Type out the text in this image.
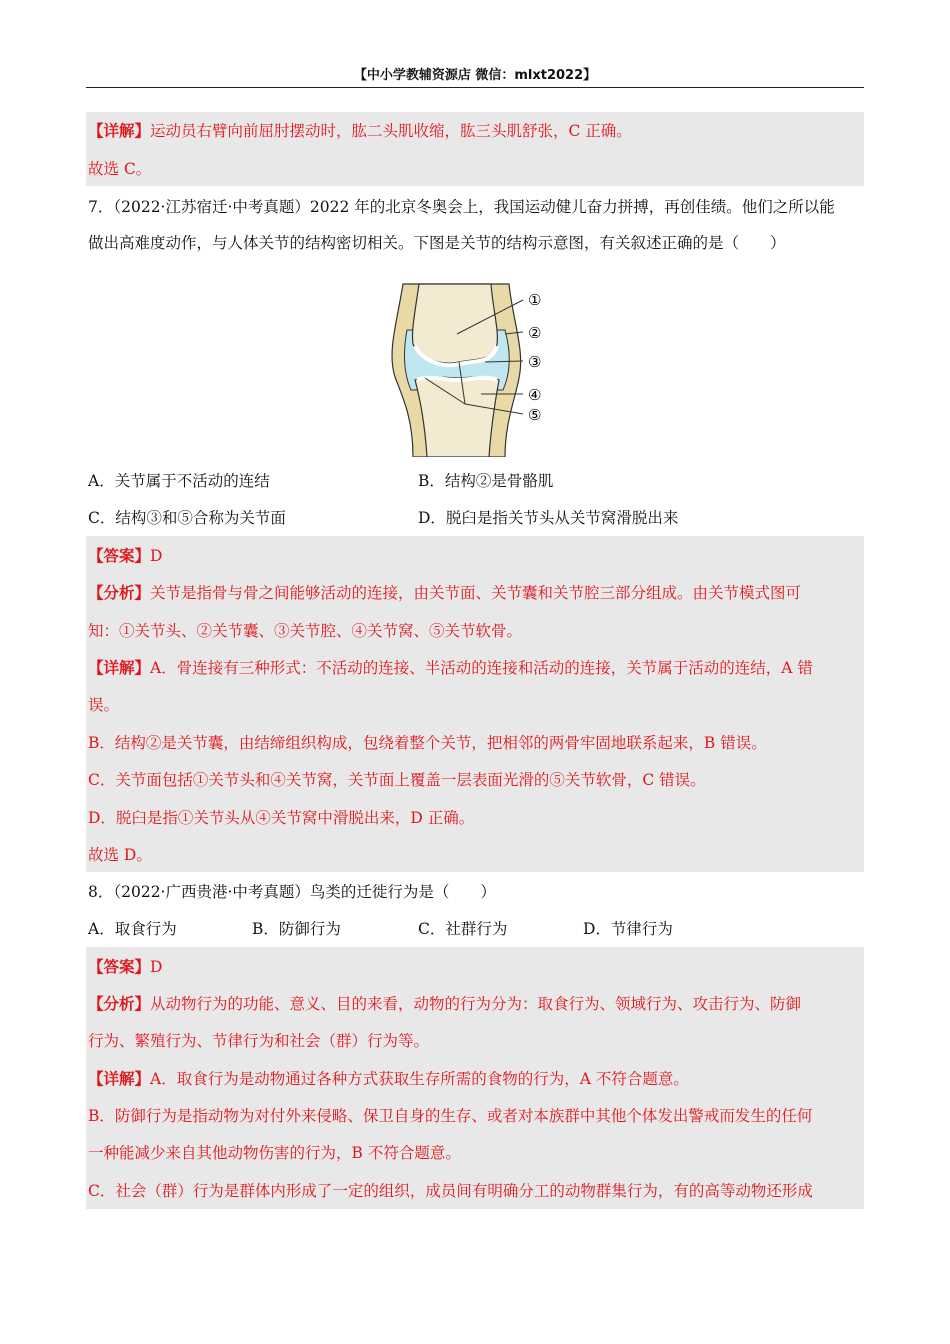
【中小学教辅资源店 微信：mlxt2022】
【详解】运动员右臂向前屈肘摆动时，肱二头肌收缩，肱三头肌舒张，C 正确。
故选 C。
7．（2022·江苏宿迁·中考真题）2022 年的北京冬奥会上，我国运动健儿奋力拼搏，再创佳绩。他们之所以能
做出高难度动作，与人体关节的结构密切相关。下图是关节的结构示意图，有关叙述正确的是（　　）
①
②
③
④
⑤
A．关节属于不活动的连结	B．结构②是骨骼肌
C．结构③和⑤合称为关节面	D．脱臼是指关节头从关节窝滑脱出来
【答案】D
【分析】关节是指骨与骨之间能够活动的连接，由关节面、关节囊和关节腔三部分组成。由关节模式图可
知：①关节头、②关节囊、③关节腔、④关节窝、⑤关节软骨。
【详解】A．骨连接有三种形式：不活动的连接、半活动的连接和活动的连接，关节属于活动的连结，A 错
误。
B．结构②是关节囊，由结缔组织构成，包绕着整个关节，把相邻的两骨牢固地联系起来，B 错误。
C．关节面包括①关节头和④关节窝，关节面上覆盖一层表面光滑的⑤关节软骨，C 错误。
D．脱臼是指①关节头从④关节窝中滑脱出来，D 正确。
故选 D。
8．（2022·广西贵港·中考真题）鸟类的迁徙行为是（　　）
A．取食行为	B．防御行为	C．社群行为	D．节律行为
【答案】D
【分析】从动物行为的功能、意义、目的来看，动物的行为分为：取食行为、领域行为、攻击行为、防御
行为、繁殖行为、节律行为和社会（群）行为等。
【详解】A．取食行为是动物通过各种方式获取生存所需的食物的行为，A 不符合题意。
B．防御行为是指动物为对付外来侵略、保卫自身的生存、或者对本族群中其他个体发出警戒而发生的任何
一种能减少来自其他动物伤害的行为，B 不符合题意。
C．社会（群）行为是群体内形成了一定的组织，成员间有明确分工的动物群集行为，有的高等动物还形成
